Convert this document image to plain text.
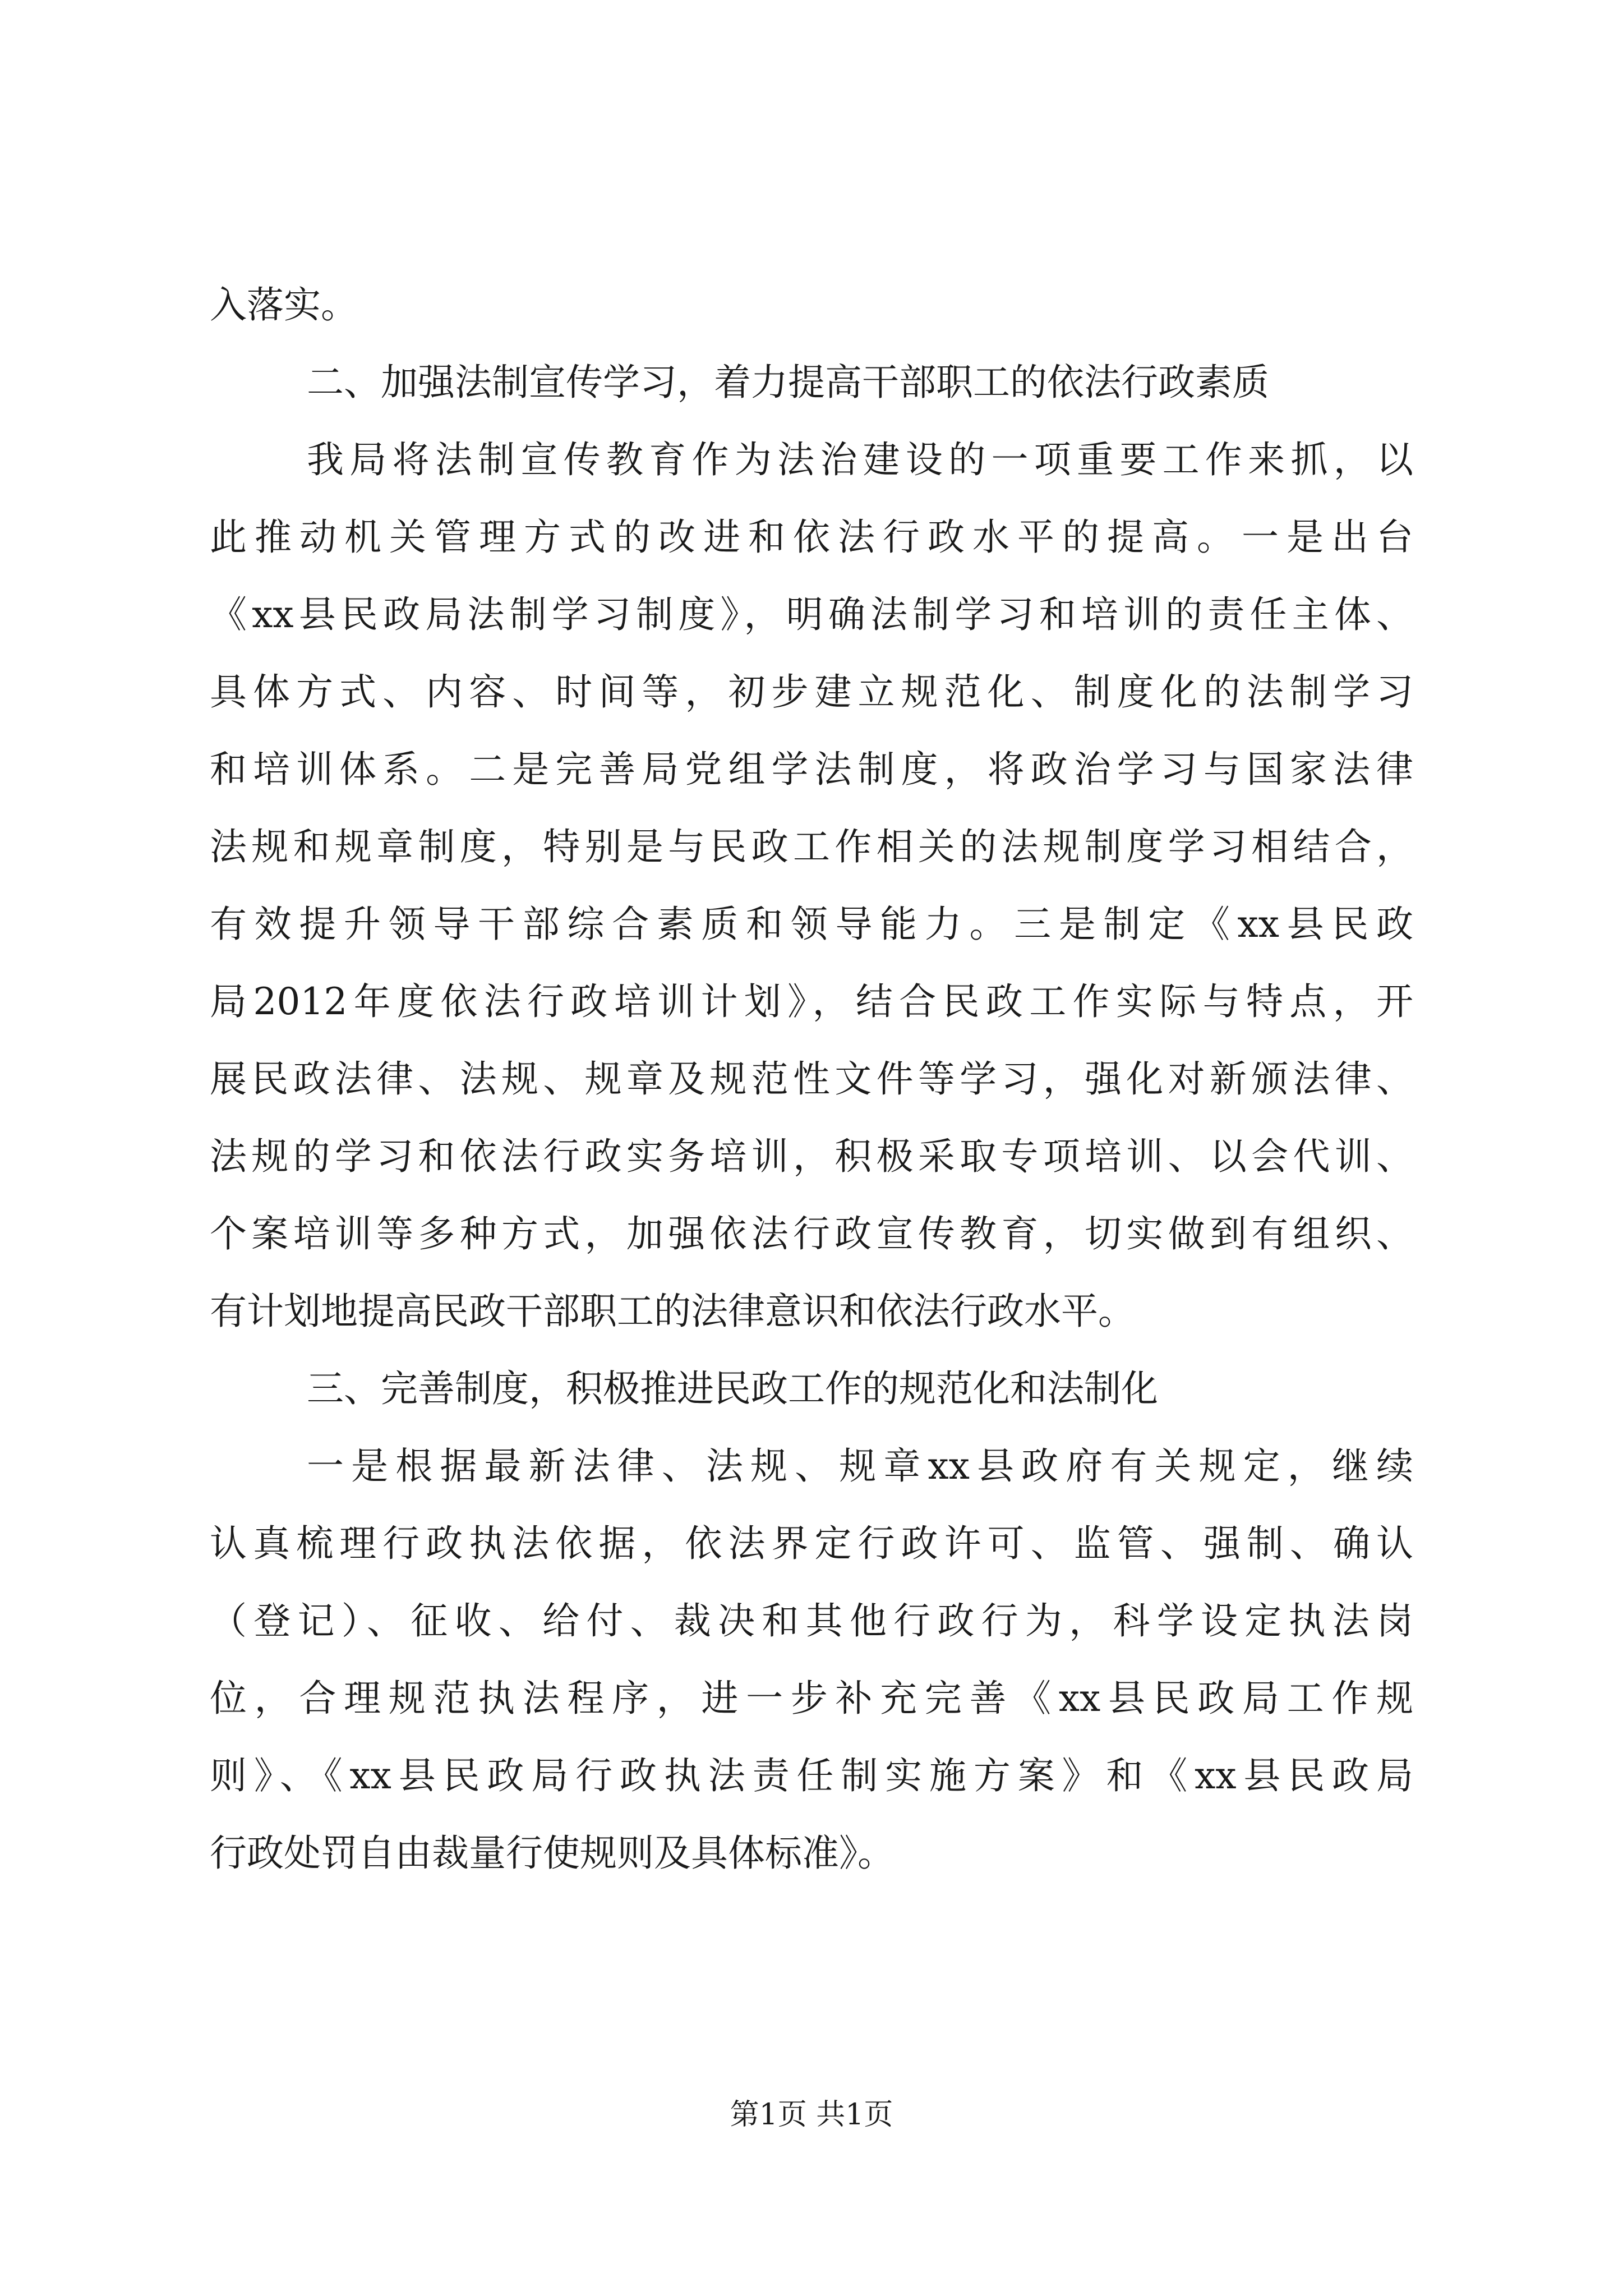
入落实。
二、加强法制宣传学习，着力提高干部职工的依法行政素质
我局将法制宣传教育作为法治建设的一项重要工作来抓，以
此推动机关管理方式的改进和依法行政水平的提高。一是出台
《xx县民政局法制学习制度》，明确法制学习和培训的责任主体、
具体方式、内容、时间等，初步建立规范化、制度化的法制学习
和培训体系。二是完善局党组学法制度，将政治学习与国家法律
法规和规章制度，特别是与民政工作相关的法规制度学习相结合，
有效提升领导干部综合素质和领导能力。三是制定《xx县民政
局2012年度依法行政培训计划》，结合民政工作实际与特点，开
展民政法律、法规、规章及规范性文件等学习，强化对新颁法律、
法规的学习和依法行政实务培训，积极采取专项培训、以会代训、
个案培训等多种方式，加强依法行政宣传教育，切实做到有组织、
有计划地提高民政干部职工的法律意识和依法行政水平。
三、完善制度，积极推进民政工作的规范化和法制化
一是根据最新法律、法规、规章xx县政府有关规定，继续
认真梳理行政执法依据，依法界定行政许可、监管、强制、确认
（登记）、征收、给付、裁决和其他行政行为，科学设定执法岗
位，合理规范执法程序，进一步补充完善《xx县民政局工作规
则》、《xx县民政局行政执法责任制实施方案》和《xx县民政局
行政处罚自由裁量行使规则及具体标准》。
第1页 共1页
